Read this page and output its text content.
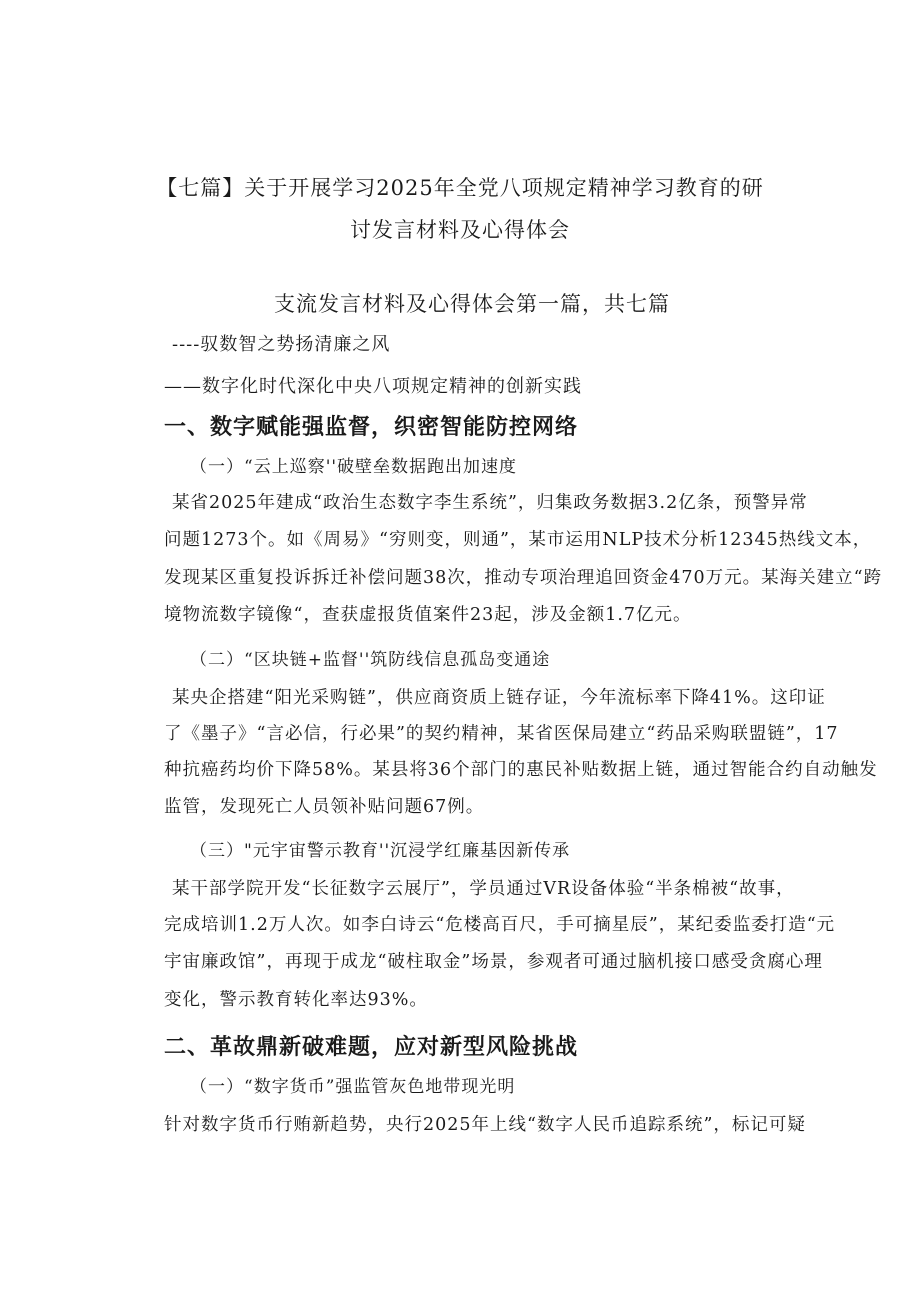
【七篇】关于开展学习2025年全党八项规定精神学习教育的研
讨发言材料及心得体会
支流发言材料及心得体会第一篇，共七篇
----驭数智之势扬清廉之风
——数字化时代深化中央八项规定精神的创新实践
一、数字赋能强监督，织密智能防控网络
（一）“云上巡察''破壁垒数据跑出加速度
某省2025年建成“政治生态数字李生系统”，归集政务数据3.2亿条，预警异常
问题1273个。如《周易》“穷则变，则通”，某市运用NLP技术分析12345热线文本，
发现某区重复投诉拆迁补偿问题38次，推动专项治理追回资金470万元。某海关建立“跨
境物流数字镜像“，查获虚报货值案件23起，涉及金额1.7亿元。
（二）“区块链+监督''筑防线信息孤岛变通途
某央企搭建“阳光采购链”，供应商资质上链存证，今年流标率下降41%。这印证
了《墨子》“言必信，行必果”的契约精神，某省医保局建立“药品采购联盟链”，17
种抗癌药均价下降58%。某县将36个部门的惠民补贴数据上链，通过智能合约自动触发
监管，发现死亡人员领补贴问题67例。
（三）"元宇宙警示教育''沉浸学红廉基因新传承
某干部学院开发“长征数字云展厅”，学员通过VR设备体验“半条棉被“故事，
完成培训1.2万人次。如李白诗云“危楼高百尺，手可摘星辰”，某纪委监委打造“元
宇宙廉政馆”，再现于成龙“破柱取金”场景，参观者可通过脑机接口感受贪腐心理
变化，警示教育转化率达93%。
二、革故鼎新破难题，应对新型风险挑战
（一）“数字货币”强监管灰色地带现光明
针对数字货币行贿新趋势，央行2025年上线“数字人民币追踪系统”，标记可疑
